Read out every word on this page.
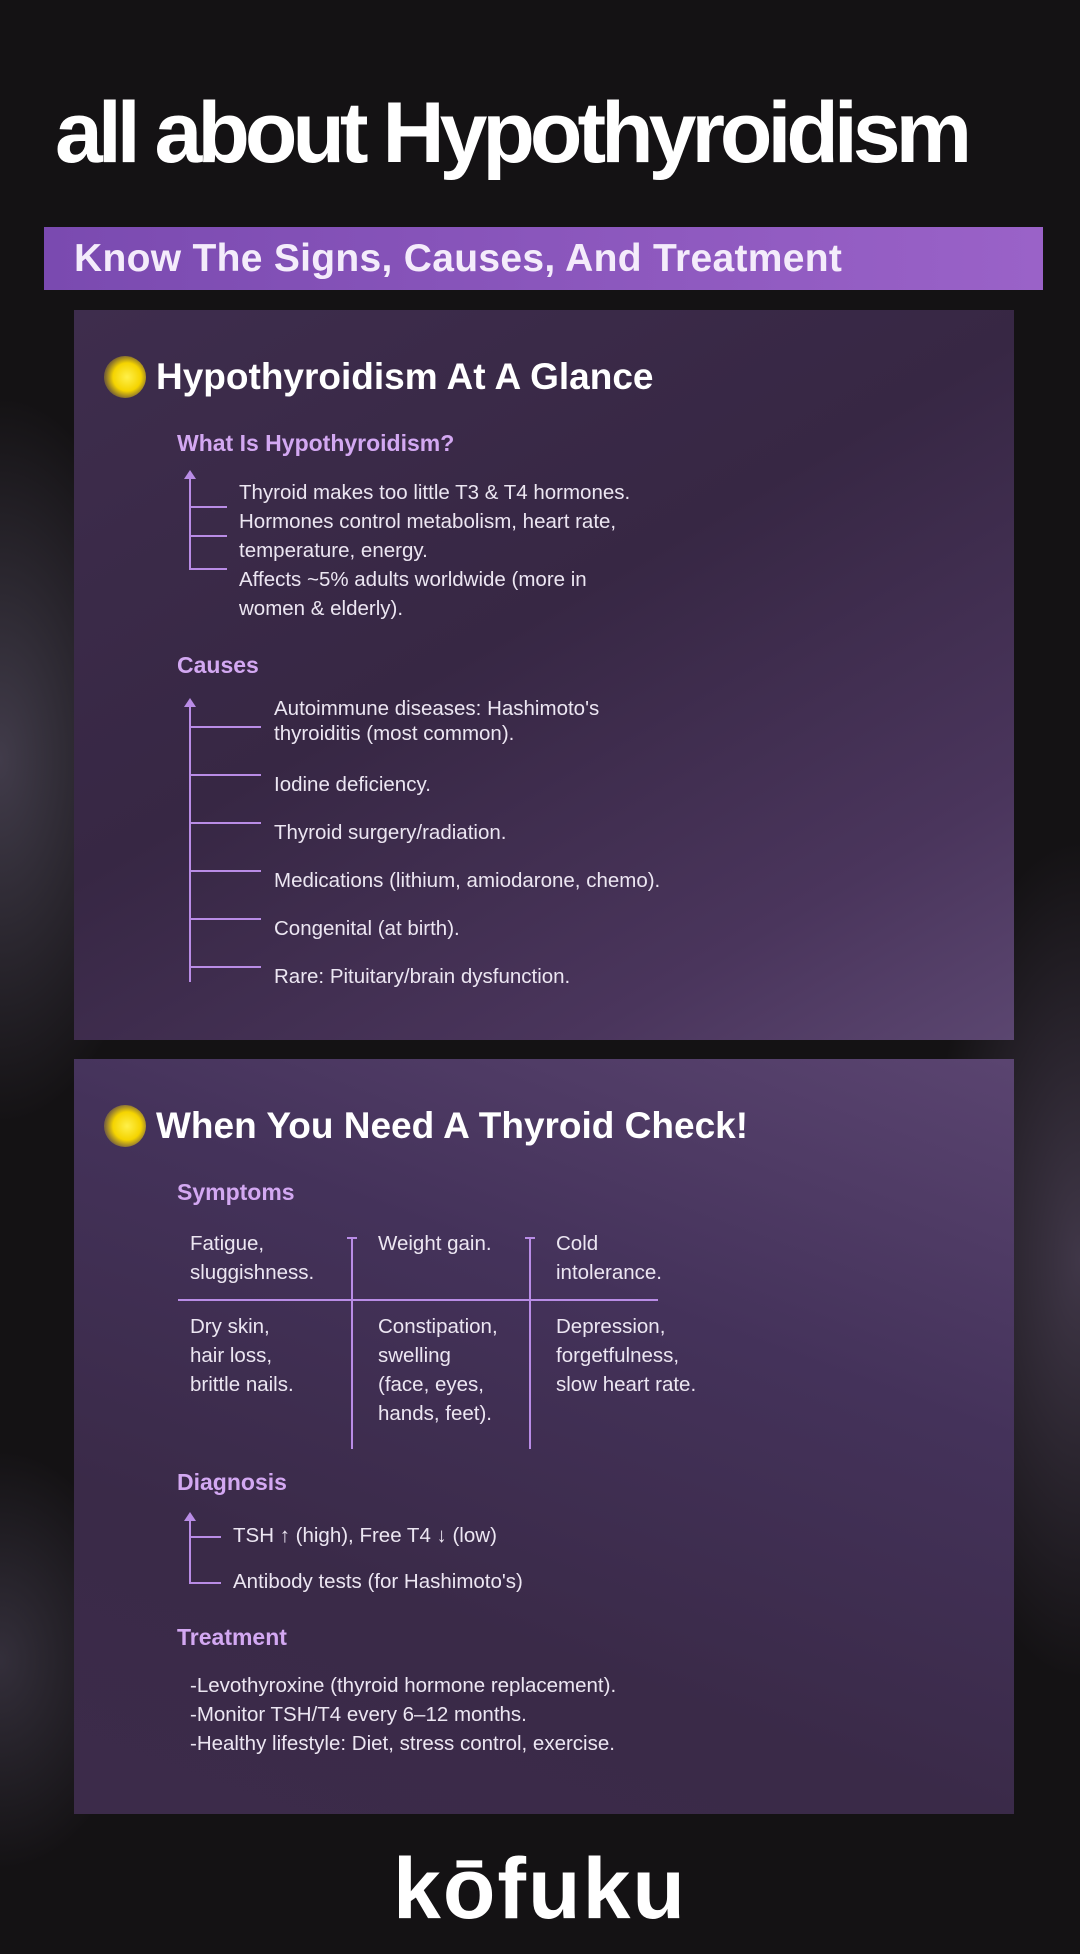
all about Hypothyroidism
Know The Signs, Causes, And Treatment
Hypothyroidism At A Glance
What Is Hypothyroidism?
Thyroid makes too little T3 & T4 hormones.
Hormones control metabolism, heart rate,
temperature, energy.
Affects ~5% adults worldwide (more in
women & elderly).
Causes
Autoimmune diseases: Hashimoto's
thyroiditis (most common).
Iodine deficiency.
Thyroid surgery/radiation.
Medications (lithium, amiodarone, chemo).
Congenital (at birth).
Rare: Pituitary/brain dysfunction.
When You Need A Thyroid Check!
Symptoms
Fatigue,
sluggishness.
Weight gain.	Cold
intolerance.
Dry skin,
hair loss,
brittle nails.
Constipation,
swelling
(face, eyes,
hands, feet).
Depression,
forgetfulness,
slow heart rate.
Diagnosis
TSH ↑ (high), Free T4 ↓ (low)
Antibody tests (for Hashimoto's)
Treatment
-Levothyroxine (thyroid hormone replacement).
-Monitor TSH/T4 every 6–12 months.
-Healthy lifestyle: Diet, stress control, exercise.
kōfuku
